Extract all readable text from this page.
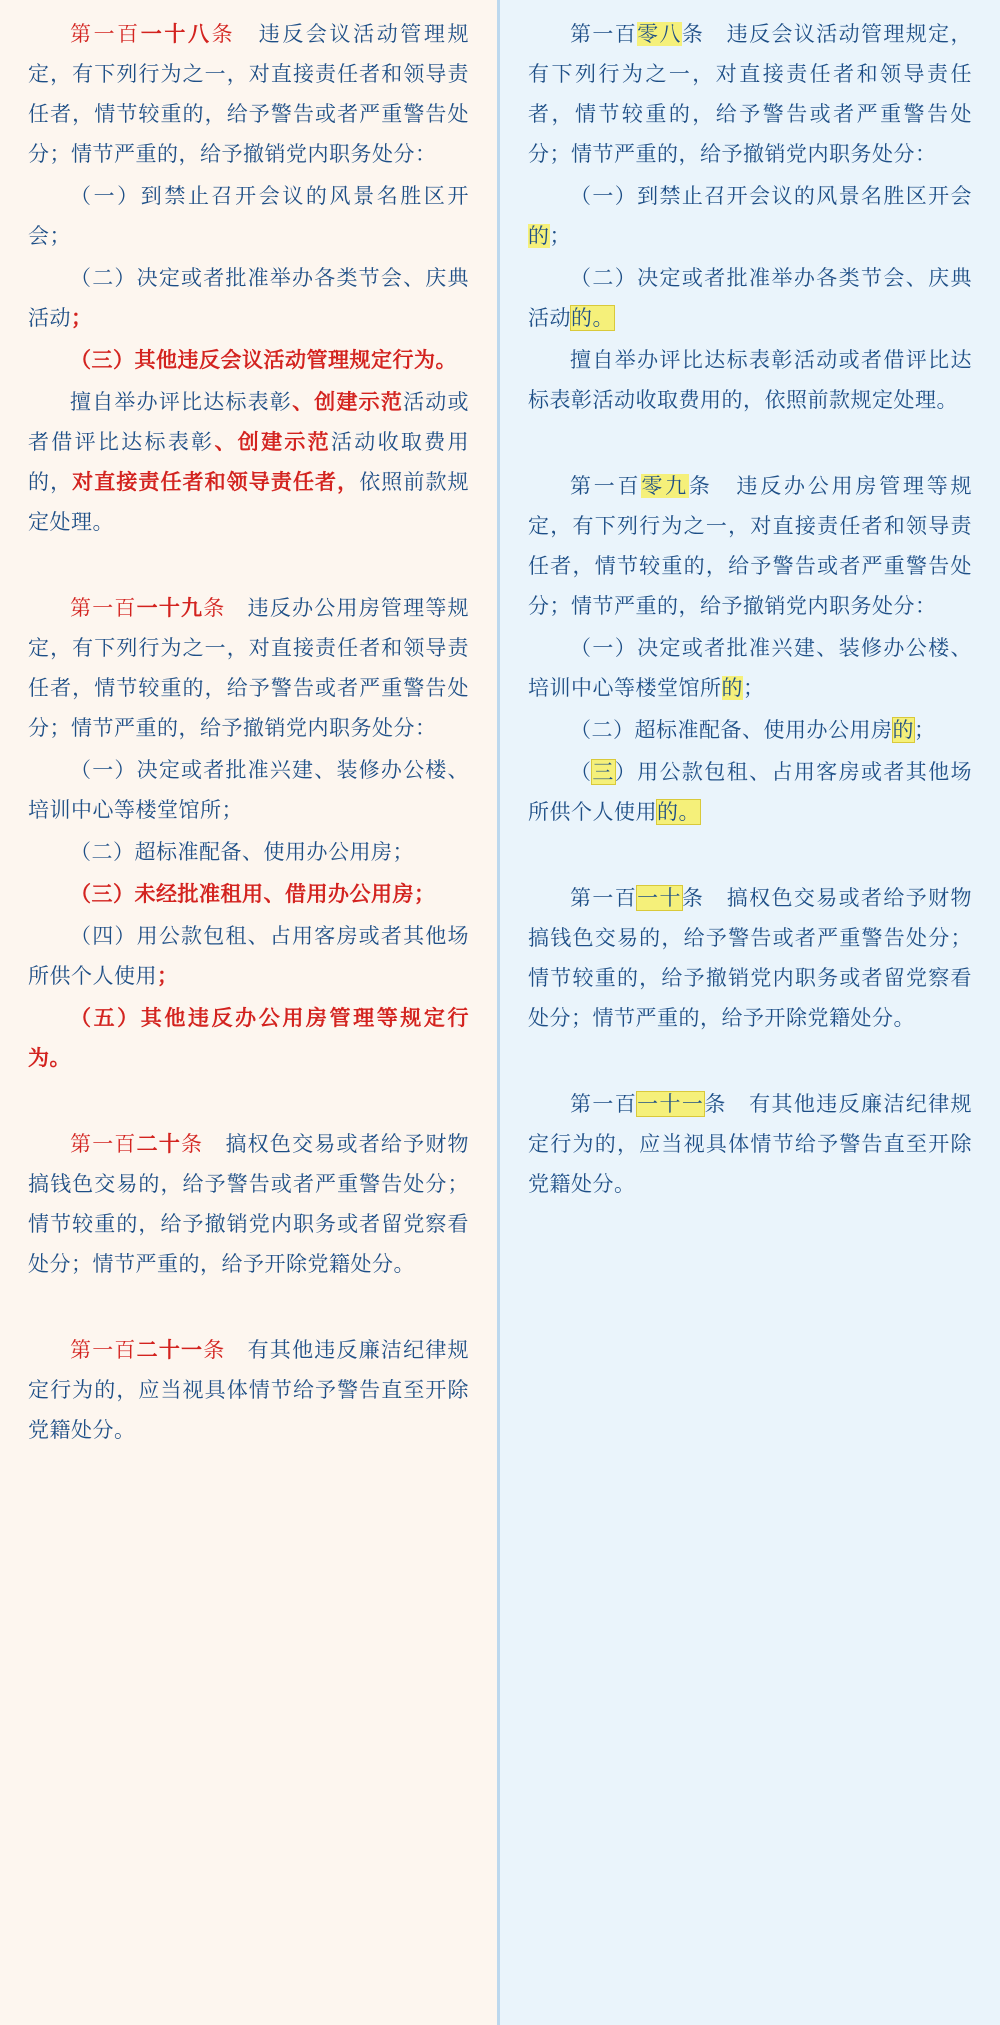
第一百一十八条　违反会议活动管理规定，有下列行为之一，对直接责任者和领导责任者，情节较重的，给予警告或者严重警告处分；情节严重的，给予撤销党内职务处分：

（一）到禁止召开会议的风景名胜区开会；

（二）决定或者批准举办各类节会、庆典活动；

（三）其他违反会议活动管理规定行为。

擅自举办评比达标表彰、创建示范活动或者借评比达标表彰、创建示范活动收取费用的，对直接责任者和领导责任者，依照前款规定处理。

第一百一十九条　违反办公用房管理等规定，有下列行为之一，对直接责任者和领导责任者，情节较重的，给予警告或者严重警告处分；情节严重的，给予撤销党内职务处分：

（一）决定或者批准兴建、装修办公楼、培训中心等楼堂馆所；

（二）超标准配备、使用办公用房；

（三）未经批准租用、借用办公用房；

（四）用公款包租、占用客房或者其他场所供个人使用；

（五）其他违反办公用房管理等规定行为。

第一百二十条　搞权色交易或者给予财物搞钱色交易的，给予警告或者严重警告处分；情节较重的，给予撤销党内职务或者留党察看处分；情节严重的，给予开除党籍处分。

第一百二十一条　有其他违反廉洁纪律规定行为的，应当视具体情节给予警告直至开除党籍处分。

第一百零八条　违反会议活动管理规定，有下列行为之一，对直接责任者和领导责任者，情节较重的，给予警告或者严重警告处分；情节严重的，给予撤销党内职务处分：

（一）到禁止召开会议的风景名胜区开会的；

（二）决定或者批准举办各类节会、庆典活动的。

擅自举办评比达标表彰活动或者借评比达标表彰活动收取费用的，依照前款规定处理。

第一百零九条　违反办公用房管理等规定，有下列行为之一，对直接责任者和领导责任者，情节较重的，给予警告或者严重警告处分；情节严重的，给予撤销党内职务处分：

（一）决定或者批准兴建、装修办公楼、培训中心等楼堂馆所的；

（二）超标准配备、使用办公用房的；

（三）用公款包租、占用客房或者其他场所供个人使用的。

第一百一十条　搞权色交易或者给予财物搞钱色交易的，给予警告或者严重警告处分；情节较重的，给予撤销党内职务或者留党察看处分；情节严重的，给予开除党籍处分。

第一百一十一条　有其他违反廉洁纪律规定行为的，应当视具体情节给予警告直至开除党籍处分。
